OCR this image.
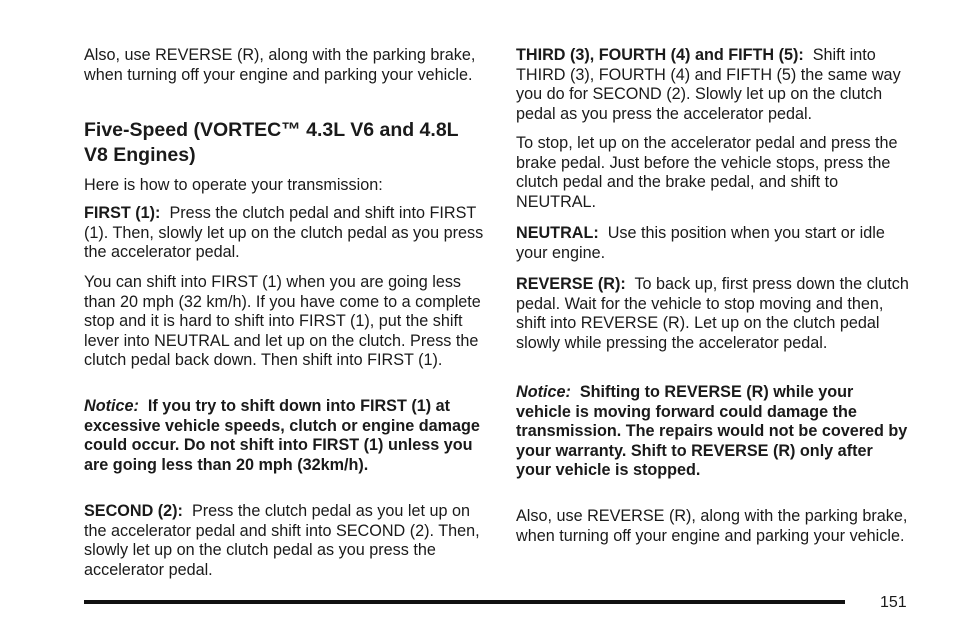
Also, use REVERSE (R), along with the parking brake, when turning off your engine and parking your vehicle.

Five-Speed (VORTEC™ 4.3L V6 and 4.8L V8 Engines)

Here is how to operate your transmission:

FIRST (1): Press the clutch pedal and shift into FIRST (1). Then, slowly let up on the clutch pedal as you press the accelerator pedal.

You can shift into FIRST (1) when you are going less than 20 mph (32 km/h). If you have come to a complete stop and it is hard to shift into FIRST (1), put the shift lever into NEUTRAL and let up on the clutch. Press the clutch pedal back down. Then shift into FIRST (1).

Notice: If you try to shift down into FIRST (1) at excessive vehicle speeds, clutch or engine damage could occur. Do not shift into FIRST (1) unless you are going less than 20 mph (32km/h).

SECOND (2): Press the clutch pedal as you let up on the accelerator pedal and shift into SECOND (2). Then, slowly let up on the clutch pedal as you press the accelerator pedal.

THIRD (3), FOURTH (4) and FIFTH (5): Shift into THIRD (3), FOURTH (4) and FIFTH (5) the same way you do for SECOND (2). Slowly let up on the clutch pedal as you press the accelerator pedal.

To stop, let up on the accelerator pedal and press the brake pedal. Just before the vehicle stops, press the clutch pedal and the brake pedal, and shift to NEUTRAL.

NEUTRAL: Use this position when you start or idle your engine.

REVERSE (R): To back up, first press down the clutch pedal. Wait for the vehicle to stop moving and then, shift into REVERSE (R). Let up on the clutch pedal slowly while pressing the accelerator pedal.

Notice: Shifting to REVERSE (R) while your vehicle is moving forward could damage the transmission. The repairs would not be covered by your warranty. Shift to REVERSE (R) only after your vehicle is stopped.

Also, use REVERSE (R), along with the parking brake, when turning off your engine and parking your vehicle.

151
